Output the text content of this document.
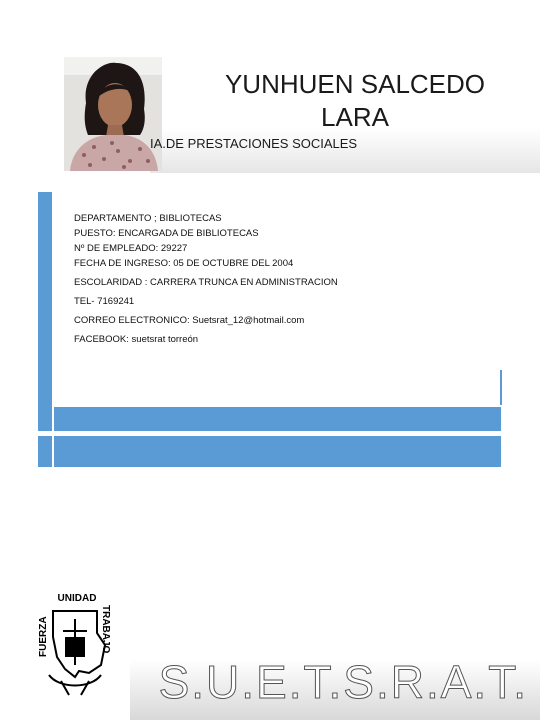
YUNHUEN SALCEDO
LARA
IA.DE PRESTACIONES SOCIALES
DEPARTAMENTO ; BIBLIOTECAS
PUESTO: ENCARGADA DE BIBLIOTECAS
Nº DE EMPLEADO: 29227
FECHA DE INGRESO: 05 DE OCTUBRE DEL 2004
ESCOLARIDAD : CARRERA TRUNCA EN ADMINISTRACION
TEL- 7169241
CORREO ELECTRONICO: Suetsrat_12@hotmail.com
FACEBOOK: suetsrat torreón
S.U.E.T.S.R.A.T.
UNIDAD
FUERZA	TRABAJO
